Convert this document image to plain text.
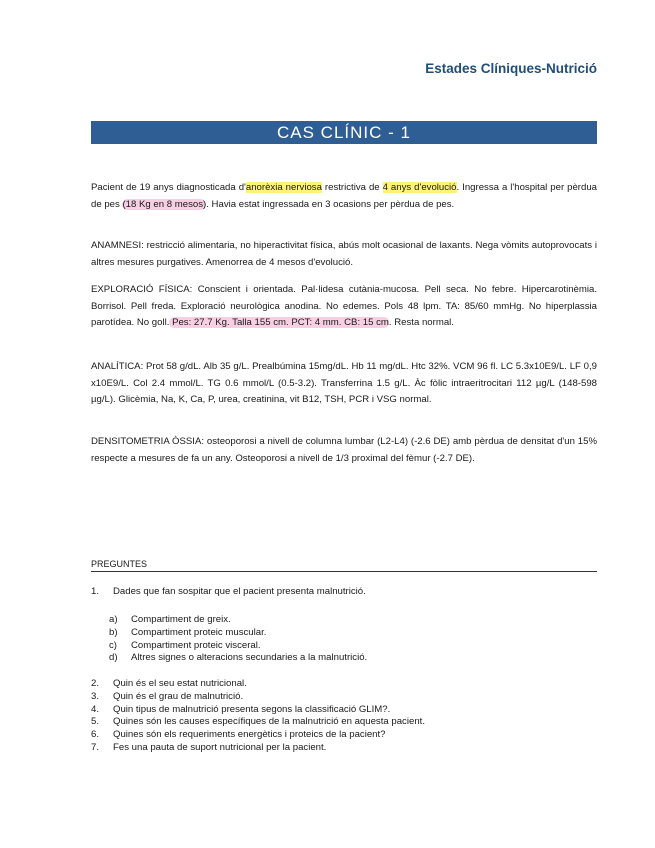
Estades Clíniques-Nutrició
CAS CLÍNIC - 1
Pacient de 19 anys diagnosticada d'anorèxia nerviosa restrictiva de 4 anys d'evolució. Ingressa a l'hospital per pèrdua de pes (18 Kg en 8 mesos). Havia estat ingressada en 3 ocasions per pèrdua de pes.
ANAMNESI: restricció alimentaria, no hiperactivitat física, abús molt ocasional de laxants. Nega vòmits autoprovocats i altres mesures purgatives. Amenorrea de 4 mesos d'evolució.
EXPLORACIÓ FÍSICA: Conscient i orientada. Pal·lidesa cutània-mucosa. Pell seca. No febre. Hipercarotinèmia. Borrisol. Pell freda. Exploració neurològica anodina. No edemes. Pols 48 lpm. TA: 85/60 mmHg. No hiperplassia parotídea. No goll. Pes: 27.7 Kg. Talla 155 cm. PCT: 4 mm. CB: 15 cm. Resta normal.
ANALÍTICA: Prot 58 g/dL. Alb 35 g/L. Prealbúmina 15mg/dL. Hb 11 mg/dL. Htc 32%. VCM 96 fl. LC 5.3x10E9/L. LF 0,9 x10E9/L. Col 2.4 mmol/L. TG 0.6 mmol/L (0.5-3.2). Transferrina 1.5 g/L. Àc fòlic intraeritrocitari 112 µg/L (148-598 µg/L). Glicèmia, Na, K, Ca, P, urea, creatinina, vit B12, TSH, PCR i VSG normal.
DENSITOMETRIA ÒSSIA: osteoporosi a nivell de columna lumbar (L2-L4) (-2.6 DE) amb pèrdua de densitat d'un 15% respecte a mesures de fa un any. Osteoporosi a nivell de 1/3 proximal del fèmur (-2.7 DE).
PREGUNTES
1. Dades que fan sospitar que el pacient presenta malnutrició.
a) Compartiment de greix.
b) Compartiment proteic muscular.
c) Compartiment proteic visceral.
d) Altres signes o alteracions secundaries a la malnutrició.
2. Quin és el seu estat nutricional.
3. Quin és el grau de malnutrició.
4. Quin tipus de malnutrició presenta segons la classificació GLIM?.
5. Quines són les causes específiques de la malnutrició en aquesta pacient.
6. Quines són els requeriments energètics i proteics de la pacient?
7. Fes una pauta de suport nutricional per la pacient.
